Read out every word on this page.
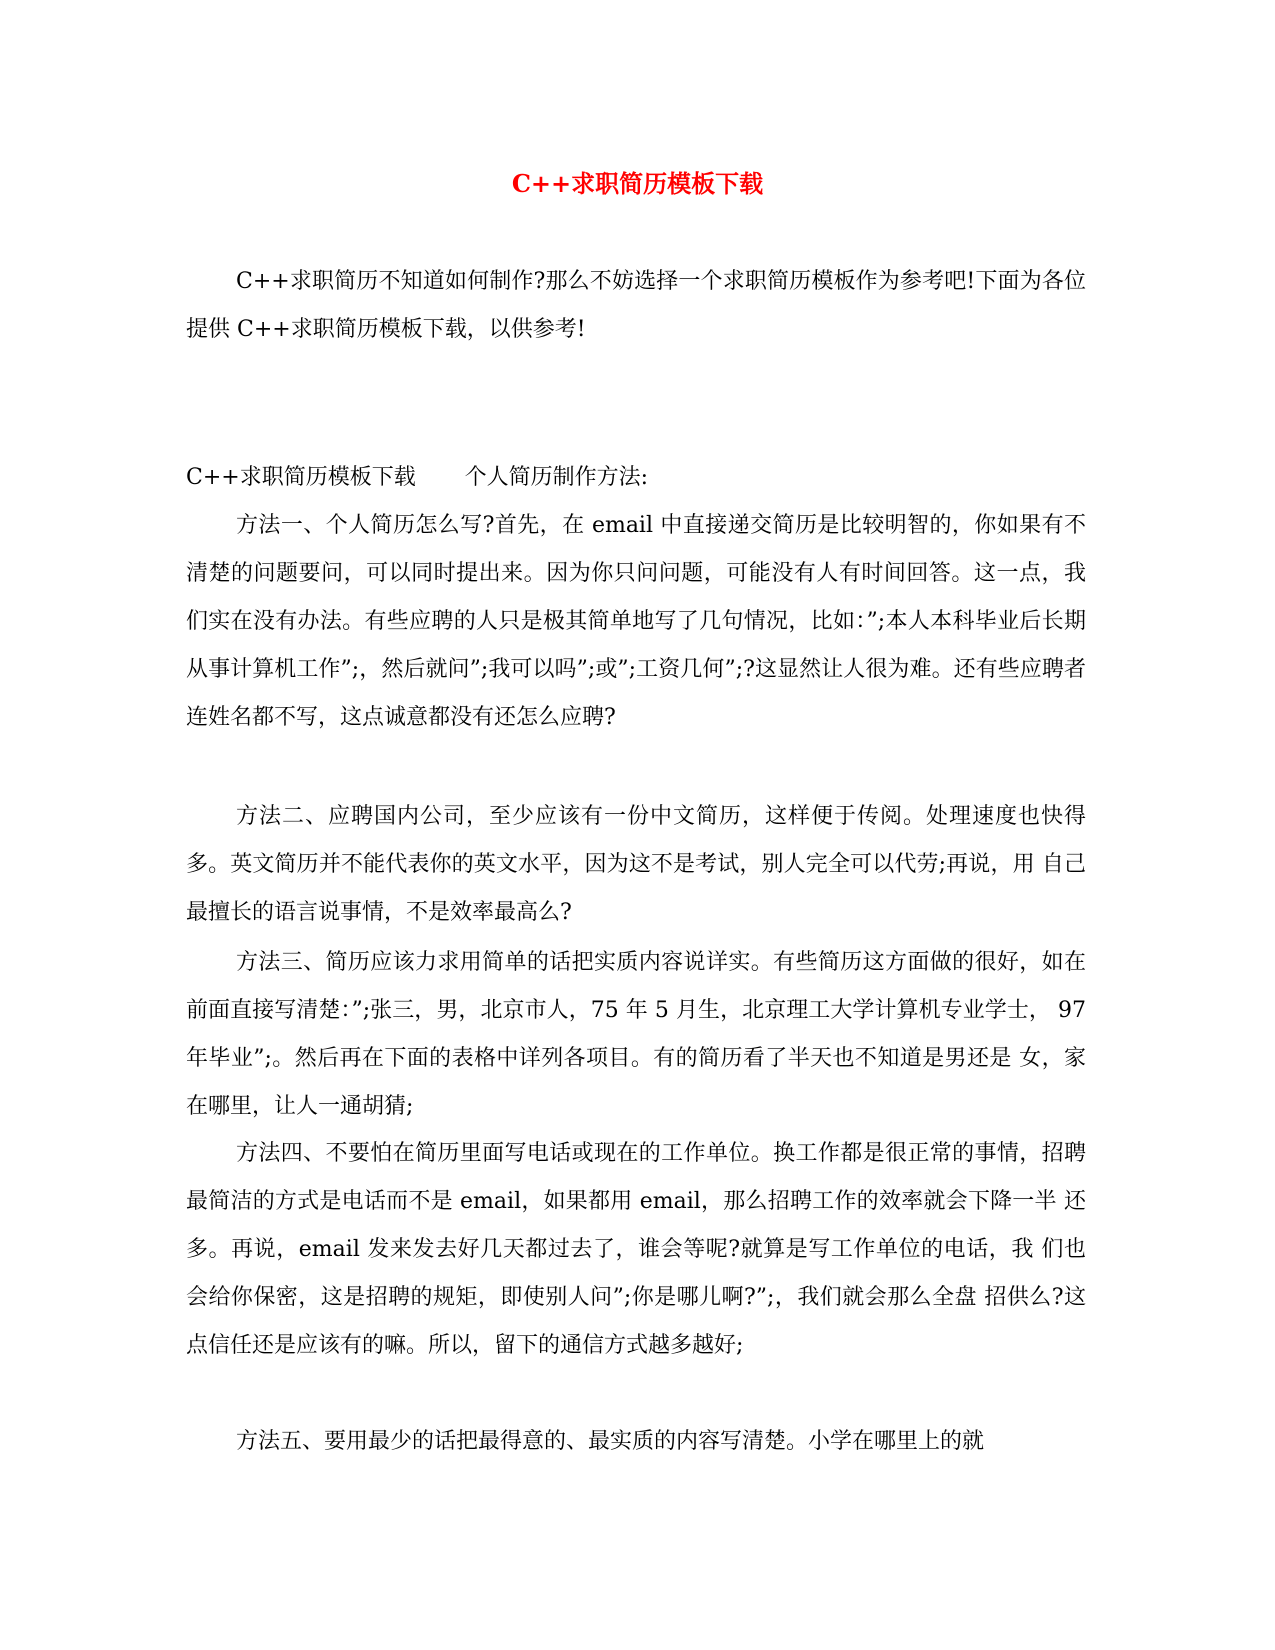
C++求职简历模板下载

C++求职简历不知道如何制作?那么不妨选择一个求职简历模板作为参考吧!下面为各位提供 C++求职简历模板下载，以供参考!

C++求职简历模板下载       个人简历制作方法:

方法一、个人简历怎么写?首先，在 email 中直接递交简历是比较明智的，你如果有不清楚的问题要问，可以同时提出来。因为你只问问题，可能没有人有时间回答。这一点，我们实在没有办法。有些应聘的人只是极其简单地写了几句情况，比如：”;本人本科毕业后长期从事计算机工作”;，然后就问”;我可以吗”;或”;工资几何”;?这显然让人很为难。还有些应聘者连姓名都不写，这点诚意都没有还怎么应聘?

方法二、应聘国内公司，至少应该有一份中文简历，这样便于传阅。处理速度也快得多。英文简历并不能代表你的英文水平，因为这不是考试，别人完全可以代劳;再说，用 自己最擅长的语言说事情，不是效率最高么?

方法三、简历应该力求用简单的话把实质内容说详实。有些简历这方面做的很好，如在前面直接写清楚：”;张三，男，北京市人，75 年 5 月生，北京理工大学计算机专业学士， 97 年毕业”;。然后再在下面的表格中详列各项目。有的简历看了半天也不知道是男还是 女，家在哪里，让人一通胡猜;

方法四、不要怕在简历里面写电话或现在的工作单位。换工作都是很正常的事情，招聘最简洁的方式是电话而不是 email，如果都用 email，那么招聘工作的效率就会下降一半 还多。再说，email 发来发去好几天都过去了，谁会等呢?就算是写工作单位的电话，我 们也会给你保密，这是招聘的规矩，即使别人问”;你是哪儿啊?”;，我们就会那么全盘 招供么?这点信任还是应该有的嘛。所以，留下的通信方式越多越好;

方法五、要用最少的话把最得意的、最实质的内容写清楚。小学在哪里上的就
